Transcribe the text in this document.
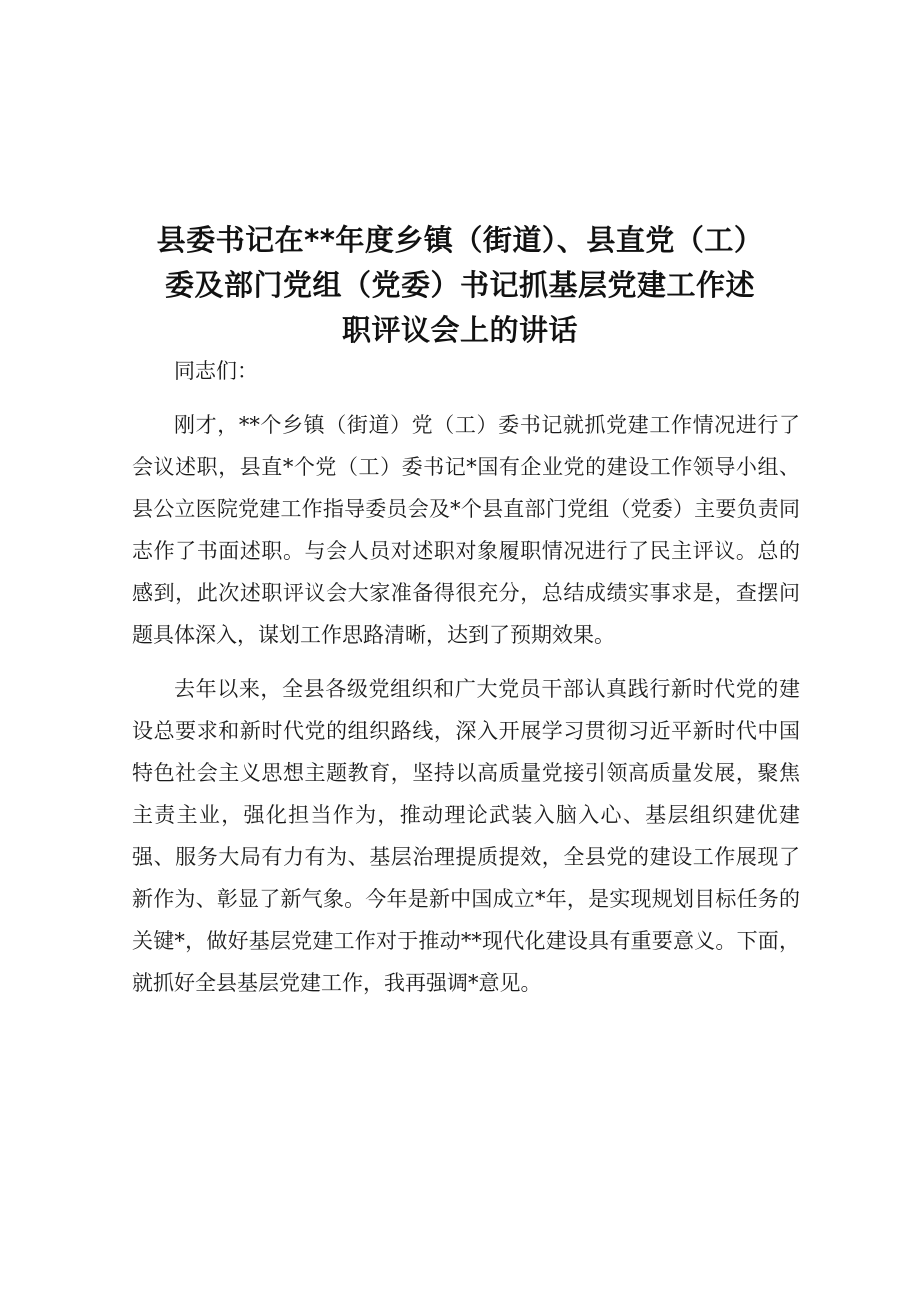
县委书记在**年度乡镇（街道）、县直党（工）
委及部门党组（党委）书记抓基层党建工作述
职评议会上的讲话

同志们：

刚才，**个乡镇（街道）党（工）委书记就抓党建工作情况进行了会议述职，县直*个党（工）委书记*国有企业党的建设工作领导小组、县公立医院党建工作指导委员会及*个县直部门党组（党委）主要负责同志作了书面述职。与会人员对述职对象履职情况进行了民主评议。总的感到，此次述职评议会大家准备得很充分，总结成绩实事求是，查摆问题具体深入，谋划工作思路清晰，达到了预期效果。

去年以来，全县各级党组织和广大党员干部认真践行新时代党的建设总要求和新时代党的组织路线，深入开展学习贯彻习近平新时代中国特色社会主义思想主题教育，坚持以高质量党接引领高质量发展，聚焦主责主业，强化担当作为，推动理论武装入脑入心、基层组织建优建强、服务大局有力有为、基层治理提质提效，全县党的建设工作展现了新作为、彰显了新气象。今年是新中国成立*年，是实现规划目标任务的关键*，做好基层党建工作对于推动**现代化建设具有重要意义。下面，就抓好全县基层党建工作，我再强调*意见。
